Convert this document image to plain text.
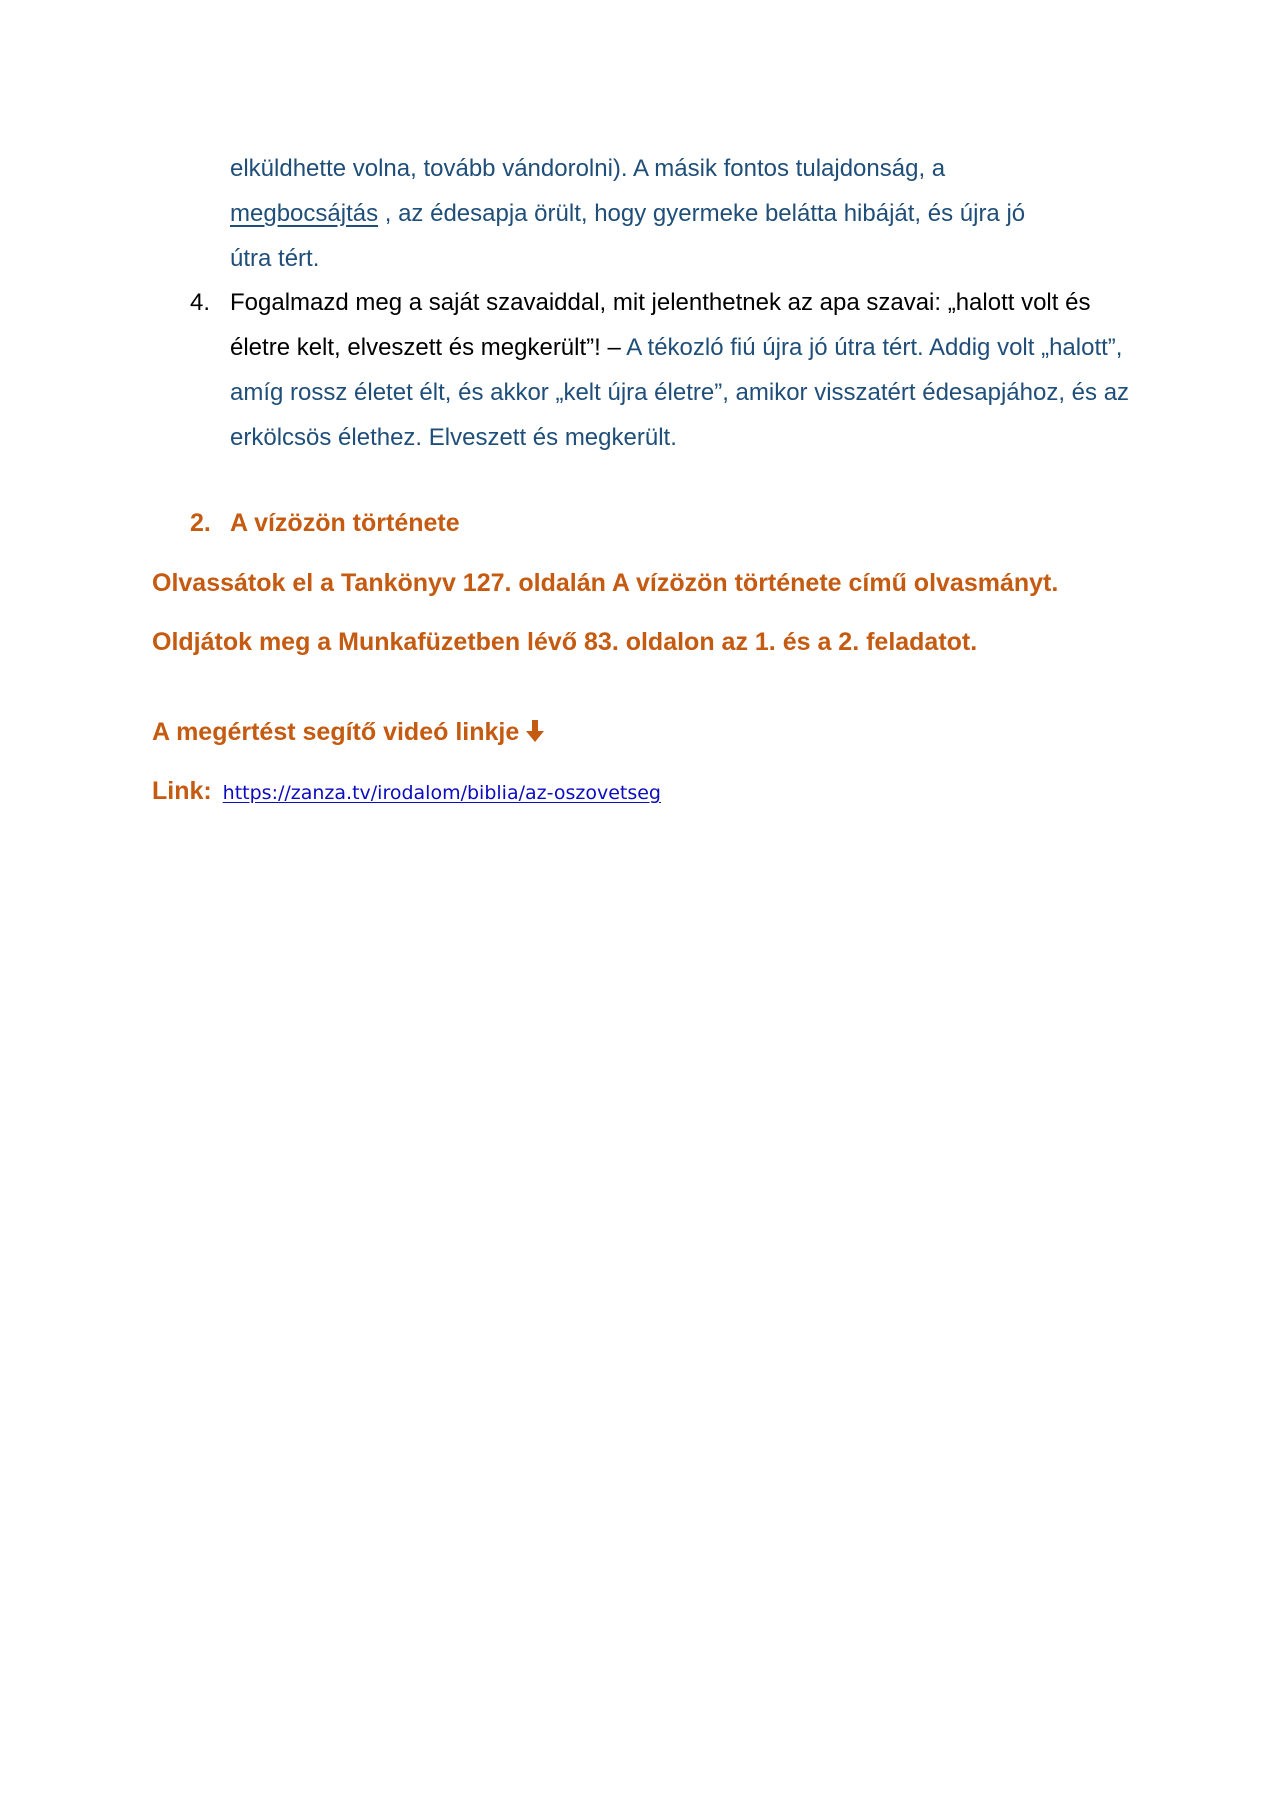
elküldhette volna, tovább vándorolni). A másik fontos tulajdonság, a
megbocsájtás , az édesapja örült, hogy gyermeke belátta hibáját, és újra jó
útra tért.
4. Fogalmazd meg a saját szavaiddal, mit jelenthetnek az apa szavai: „halott volt és életre kelt, elveszett és megkerült”! – A tékozló fiú újra jó útra tért. Addig volt „halott”, amíg rossz életet élt, és akkor „kelt újra életre”, amikor visszatért édesapjához, és az erkölcsös élethez. Elveszett és megkerült.
2. A vízözön története
Olvassátok el a Tankönyv 127. oldalán A vízözön története című olvasmányt.
Oldjátok meg a Munkafüzetben lévő 83. oldalon az 1. és a 2. feladatot.
A megértést segítő videó linkje
Link: https://zanza.tv/irodalom/biblia/az-oszovetseg
